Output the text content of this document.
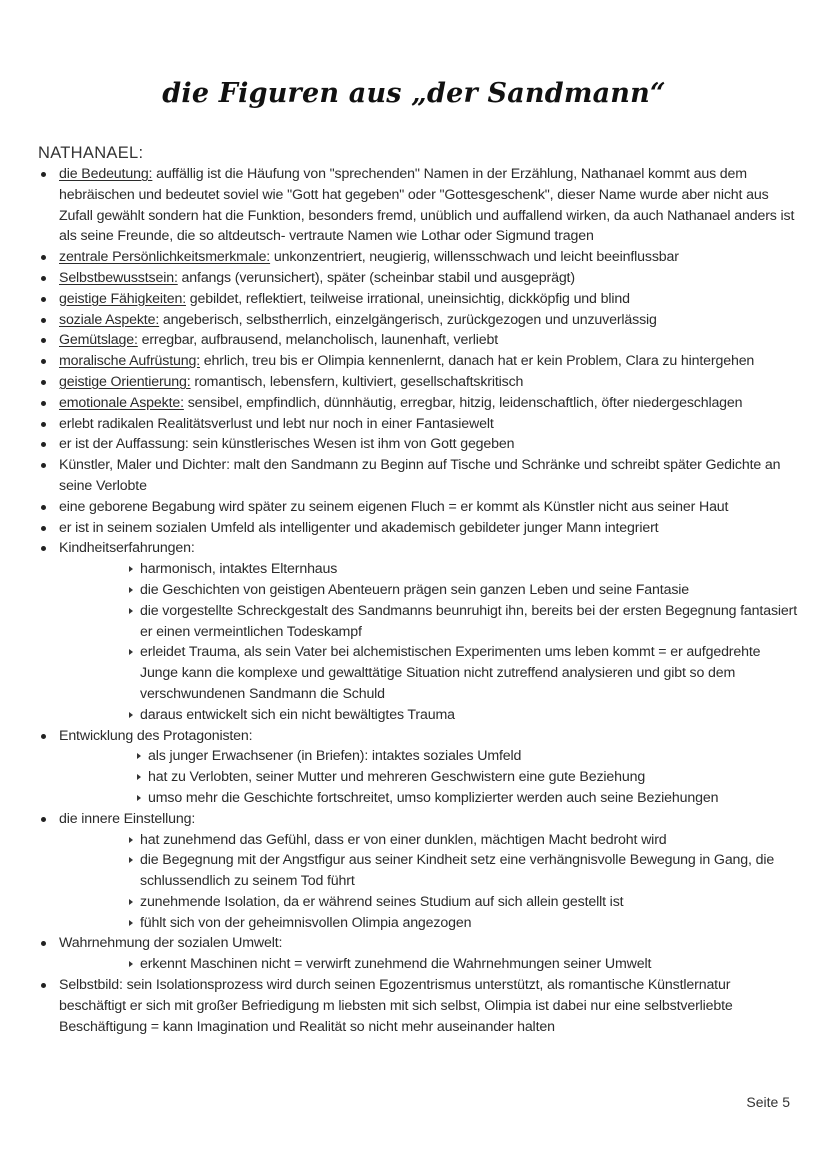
die Figuren aus „der Sandmann“
NATHANAEL:
die Bedeutung: auffällig ist die Häufung von "sprechenden" Namen in der Erzählung, Nathanael kommt aus dem hebräischen und bedeutet soviel wie "Gott hat gegeben" oder "Gottesgeschenk", dieser Name wurde aber nicht aus Zufall gewählt sondern hat die Funktion, besonders fremd, unüblich und auffallend wirken, da auch Nathanael anders ist als seine Freunde, die so altdeutsch- vertraute Namen wie Lothar oder Sigmund tragen
zentrale Persönlichkeitsmerkmale: unkonzentriert, neugierig, willensschwach und leicht beeinflussbar
Selbstbewusstsein: anfangs (verunsichert), später (scheinbar stabil und ausgeprägt)
geistige Fähigkeiten: gebildet, reflektiert, teilweise irrational, uneinsichtig, dickköpfig und blind
soziale Aspekte: angeberisch, selbstherrlich, einzelgängerisch, zurückgezogen und unzuverlässig
Gemütslage: erregbar, aufbrausend, melancholisch, launenhaft, verliebt
moralische Aufrüstung: ehrlich, treu bis er Olimpia kennenlernt, danach hat er kein Problem, Clara zu hintergehen
geistige Orientierung: romantisch, lebensfern, kultiviert, gesellschaftskritisch
emotionale Aspekte: sensibel, empfindlich, dünnhäutig, erregbar, hitzig, leidenschaftlich, öfter niedergeschlagen
erlebt radikalen Realitätsverlust und lebt nur noch in einer Fantasiewelt
er ist der Auffassung: sein künstlerisches Wesen ist ihm von Gott gegeben
Künstler, Maler und Dichter: malt den Sandmann zu Beginn auf Tische und Schränke und schreibt später Gedichte an seine Verlobte
eine geborene Begabung wird später zu seinem eigenen Fluch = er kommt als Künstler nicht aus seiner Haut
er ist in seinem sozialen Umfeld als intelligenter und akademisch gebildeter junger Mann integriert
Kindheitserfahrungen:
harmonisch, intaktes Elternhaus
die Geschichten von geistigen Abenteuern prägen sein ganzen Leben und seine Fantasie
die vorgestellte Schreckgestalt des Sandmanns beunruhigt ihn, bereits bei der ersten Begegnung fantasiert er einen vermeintlichen Todeskampf
erleidet Trauma, als sein Vater bei alchemistischen Experimenten ums leben kommt = er aufgedrehte Junge kann die komplexe und gewalttätige Situation nicht zutreffend analysieren und gibt so dem verschwundenen Sandmann die Schuld
daraus entwickelt sich ein nicht bewältigtes Trauma
Entwicklung des Protagonisten:
als junger Erwachsener (in Briefen): intaktes soziales Umfeld
hat zu Verlobten, seiner Mutter und mehreren Geschwistern eine gute Beziehung
umso mehr die Geschichte fortschreitet, umso komplizierter werden auch seine Beziehungen
die innere Einstellung:
hat zunehmend das Gefühl, dass er von einer dunklen, mächtigen Macht bedroht wird
die Begegnung mit der Angstfigur aus seiner Kindheit setz eine verhängnisvolle Bewegung in Gang, die schlussendlich zu seinem Tod führt
zunehmende Isolation, da er während seines Studium auf sich allein gestellt ist
fühlt sich von der geheimnisvollen Olimpia angezogen
Wahrnehmung der sozialen Umwelt:
erkennt Maschinen nicht = verwirft zunehmend die Wahrnehmungen seiner Umwelt
Selbstbild: sein Isolationsprozess wird durch seinen Egozentrismus unterstützt, als romantische Künstlernatur beschäftigt er sich mit großer Befriedigung m liebsten mit sich selbst, Olimpia ist dabei nur eine selbstverliebte Beschäftigung = kann Imagination und Realität so nicht mehr auseinander halten
Seite 5
